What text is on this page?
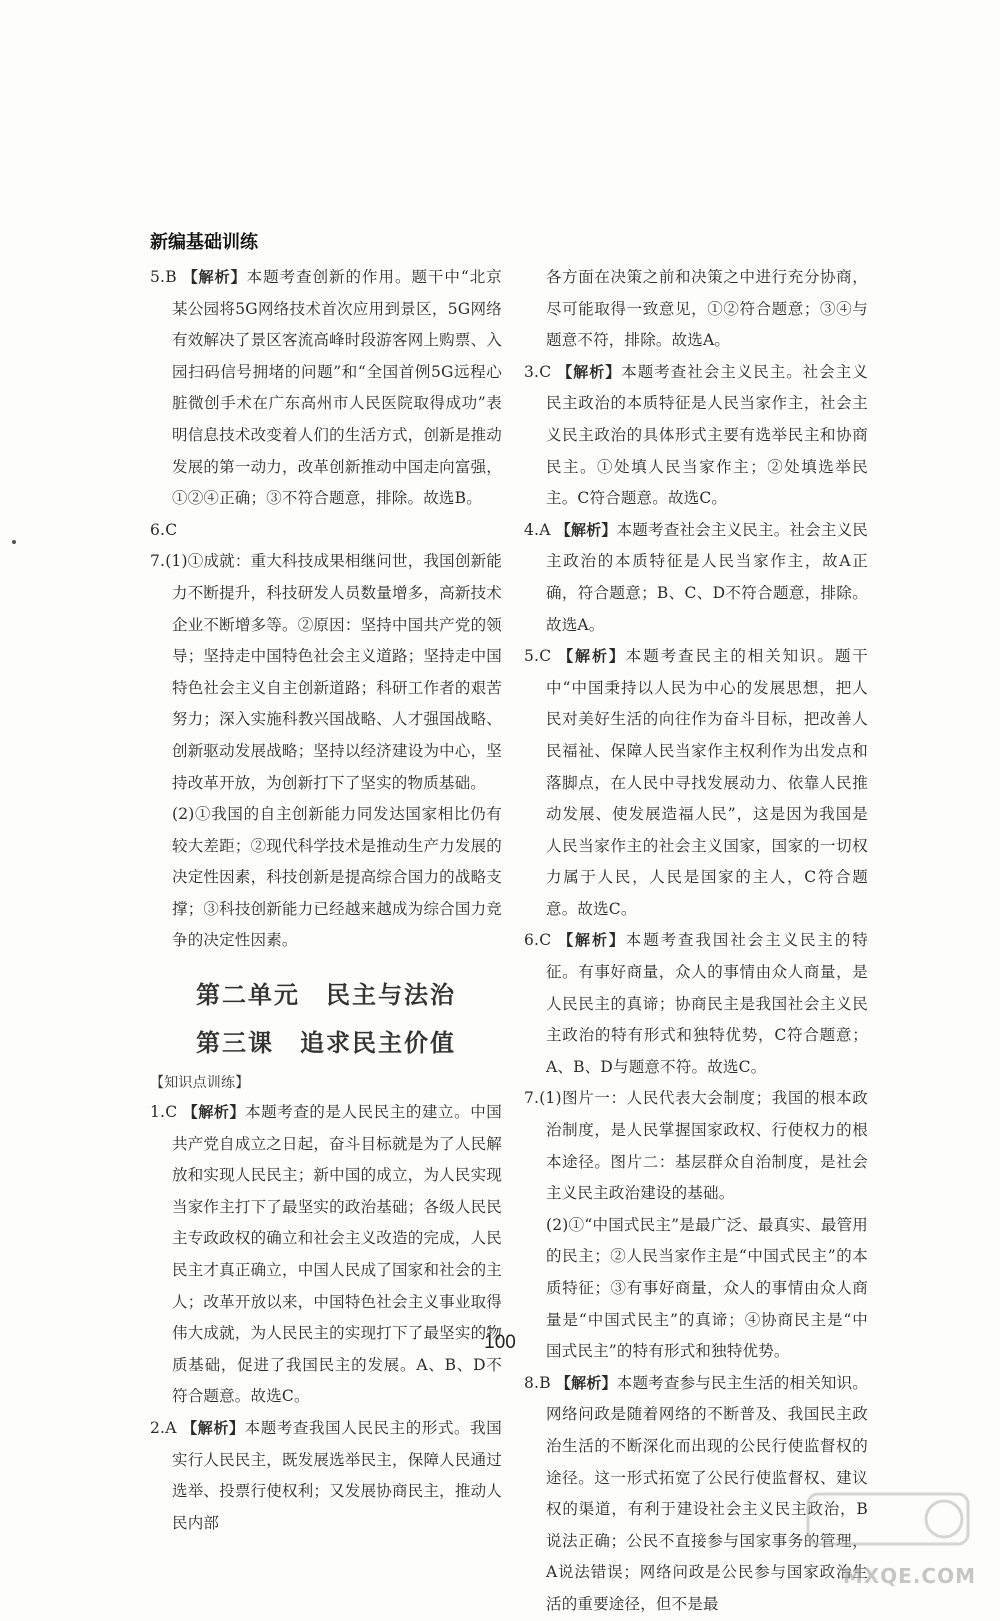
新编基础训练

5.B 【解析】本题考查创新的作用。题干中“北京某公园将5G网络技术首次应用到景区，5G网络有效解决了景区客流高峰时段游客网上购票、入园扫码信号拥堵的问题”和“全国首例5G远程心脏微创手术在广东高州市人民医院取得成功”表明信息技术改变着人们的生活方式，创新是推动发展的第一动力，改革创新推动中国走向富强，①②④正确；③不符合题意，排除。故选B。

6.C

7.(1)①成就：重大科技成果相继问世，我国创新能力不断提升，科技研发人员数量增多，高新技术企业不断增多等。②原因：坚持中国共产党的领导；坚持走中国特色社会主义道路；坚持走中国特色社会主义自主创新道路；科研工作者的艰苦努力；深入实施科教兴国战略、人才强国战略、创新驱动发展战略；坚持以经济建设为中心，坚持改革开放，为创新打下了坚实的物质基础。

(2)①我国的自主创新能力同发达国家相比仍有较大差距；②现代科学技术是推动生产力发展的决定性因素，科技创新是提高综合国力的战略支撑；③科技创新能力已经越来越成为综合国力竞争的决定性因素。

第二单元　民主与法治
第三课　追求民主价值

【知识点训练】

1.C 【解析】本题考查的是人民民主的建立。中国共产党自成立之日起，奋斗目标就是为了人民解放和实现人民民主；新中国的成立，为人民实现当家作主打下了最坚实的政治基础；各级人民民主专政政权的确立和社会主义改造的完成，人民民主才真正确立，中国人民成了国家和社会的主人；改革开放以来，中国特色社会主义事业取得伟大成就，为人民民主的实现打下了最坚实的物质基础，促进了我国民主的发展。A、B、D不符合题意。故选C。

2.A 【解析】本题考查我国人民民主的形式。我国实行人民民主，既发展选举民主，保障人民通过选举、投票行使权利；又发展协商民主，推动人民内部

各方面在决策之前和决策之中进行充分协商，尽可能取得一致意见，①②符合题意；③④与题意不符，排除。故选A。

3.C 【解析】本题考查社会主义民主。社会主义民主政治的本质特征是人民当家作主，社会主义民主政治的具体形式主要有选举民主和协商民主。①处填人民当家作主；②处填选举民主。C符合题意。故选C。

4.A 【解析】本题考查社会主义民主。社会主义民主政治的本质特征是人民当家作主，故A正确，符合题意；B、C、D不符合题意，排除。故选A。

5.C 【解析】本题考查民主的相关知识。题干中“中国秉持以人民为中心的发展思想，把人民对美好生活的向往作为奋斗目标，把改善人民福祉、保障人民当家作主权利作为出发点和落脚点，在人民中寻找发展动力、依靠人民推动发展、使发展造福人民”，这是因为我国是人民当家作主的社会主义国家，国家的一切权力属于人民，人民是国家的主人，C符合题意。故选C。

6.C 【解析】本题考查我国社会主义民主的特征。有事好商量，众人的事情由众人商量，是人民民主的真谛；协商民主是我国社会主义民主政治的特有形式和独特优势，C符合题意；A、B、D与题意不符。故选C。

7.(1)图片一：人民代表大会制度；我国的根本政治制度，是人民掌握国家政权、行使权力的根本途径。图片二：基层群众自治制度，是社会主义民主政治建设的基础。

(2)①“中国式民主”是最广泛、最真实、最管用的民主；②人民当家作主是“中国式民主”的本质特征；③有事好商量，众人的事情由众人商量是“中国式民主”的真谛；④协商民主是“中国式民主”的特有形式和独特优势。

8.B 【解析】本题考查参与民主生活的相关知识。网络问政是随着网络的不断普及、我国民主政治生活的不断深化而出现的公民行使监督权的途径。这一形式拓宽了公民行使监督权、建议权的渠道，有利于建设社会主义民主政治，B说法正确；公民不直接参与国家事务的管理，A说法错误；网络问政是公民参与国家政治生活的重要途径，但不是最

100
MXQE.COM
